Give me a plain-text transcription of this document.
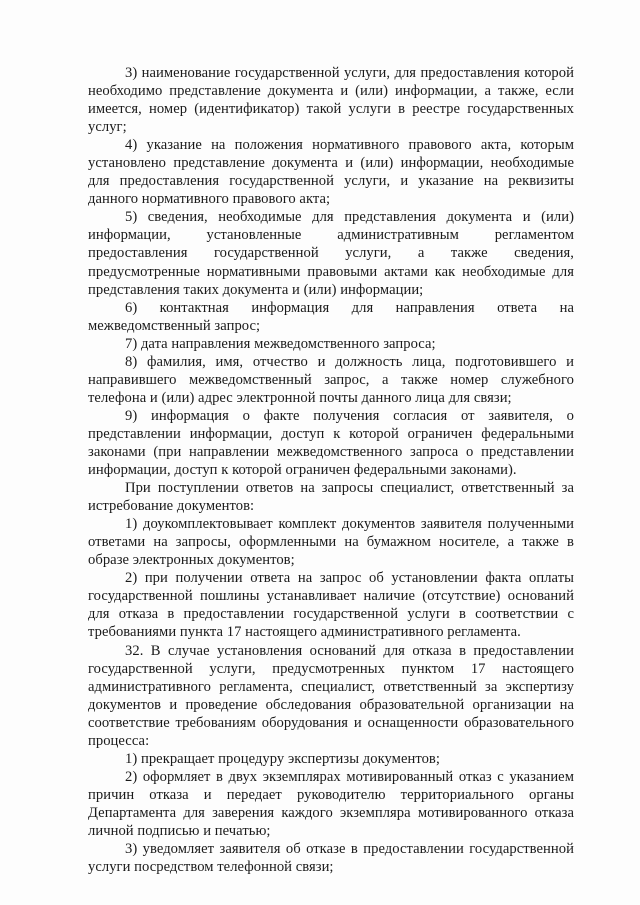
3) наименование государственной услуги, для предоставления которой необходимо представление документа и (или) информации, а также, если имеется, номер (идентификатор) такой услуги в реестре государственных услуг;

4) указание на положения нормативного правового акта, которым установлено представление документа и (или) информации, необходимые для предоставления государственной услуги, и указание на реквизиты данного нормативного правового акта;

5) сведения, необходимые для представления документа и (или) информации, установленные административным регламентом предоставления государственной услуги, а также сведения, предусмотренные нормативными правовыми актами как необходимые для представления таких документа и (или) информации;

6) контактная информация для направления ответа на межведомственный запрос;

7) дата направления межведомственного запроса;

8) фамилия, имя, отчество и должность лица, подготовившего и направившего межведомственный запрос, а также номер служебного телефона и (или) адрес электронной почты данного лица для связи;

9) информация о факте получения согласия от заявителя, о представлении информации, доступ к которой ограничен федеральными законами (при направлении межведомственного запроса о представлении информации, доступ к которой ограничен федеральными законами).

При поступлении ответов на запросы специалист, ответственный за истребование документов:

1) доукомплектовывает комплект документов заявителя полученными ответами на запросы, оформленными на бумажном носителе, а также в образе электронных документов;

2) при получении ответа на запрос об установлении факта оплаты государственной пошлины устанавливает наличие (отсутствие) оснований для отказа в предоставлении государственной услуги в соответствии с требованиями пункта 17 настоящего административного регламента.

32. В случае установления оснований для отказа в предоставлении государственной услуги, предусмотренных пунктом 17 настоящего административного регламента, специалист, ответственный за экспертизу документов и проведение обследования образовательной организации на соответствие требованиям оборудования и оснащенности образовательного процесса:

1) прекращает процедуру экспертизы документов;

2) оформляет в двух экземплярах мотивированный отказ с указанием причин отказа и передает руководителю территориального органы Департамента для заверения каждого экземпляра мотивированного отказа личной подписью и печатью;

3) уведомляет заявителя об отказе в предоставлении государственной услуги посредством телефонной связи;
